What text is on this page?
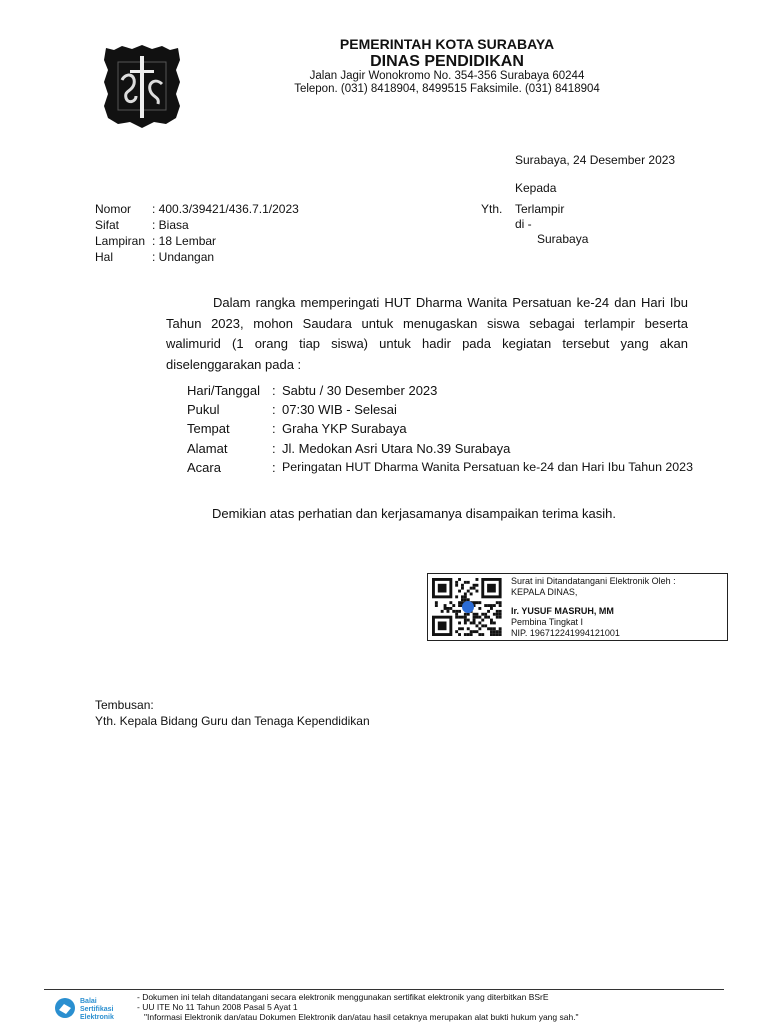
PEMERINTAH KOTA SURABAYA
DINAS PENDIDIKAN
Jalan Jagir Wonokromo No. 354-356 Surabaya 60244
Telepon. (031) 8418904, 8499515 Faksimile. (031) 8418904
Surabaya, 24 Desember 2023
Kepada
Yth. Terlampir
di -
Surabaya
Nomor : 400.3/39421/436.7.1/2023
Sifat	: Biasa
Lampiran : 18 Lembar
Hal	: Undangan
Dalam rangka memperingati HUT Dharma Wanita Persatuan ke-24 dan Hari Ibu
Tahun 2023, mohon Saudara untuk menugaskan siswa sebagai terlampir beserta
walimurid (1 orang tiap siswa) untuk hadir pada kegiatan tersebut yang akan
diselenggarakan pada :
Hari/Tanggal : Sabtu / 30 Desember 2023
Pukul	: 07:30 WIB - Selesai
Tempat	: Graha YKP Surabaya
Alamat	: Jl. Medokan Asri Utara No.39 Surabaya
Acara	: Peringatan HUT Dharma Wanita Persatuan ke-24 dan Hari Ibu Tahun 2023
Demikian atas perhatian dan kerjasamanya disampaikan terima kasih.
Surat ini Ditandatangani Elektronik Oleh :
KEPALA DINAS,
Ir. YUSUF MASRUH, MM
Pembina Tingkat I
NIP. 196712241994121001
Tembusan:
Yth. Kepala Bidang Guru dan Tenaga Kependidikan
Balai
Sertifikasi
Elektronik
- Dokumen ini telah ditandatangani secara elektronik menggunakan sertifikat elektronik yang diterbitkan BSrE
- UU ITE No 11 Tahun 2008 Pasal 5 Ayat 1
"Informasi Elektronik dan/atau Dokumen Elektronik dan/atau hasil cetaknya merupakan alat bukti hukum yang sah."
